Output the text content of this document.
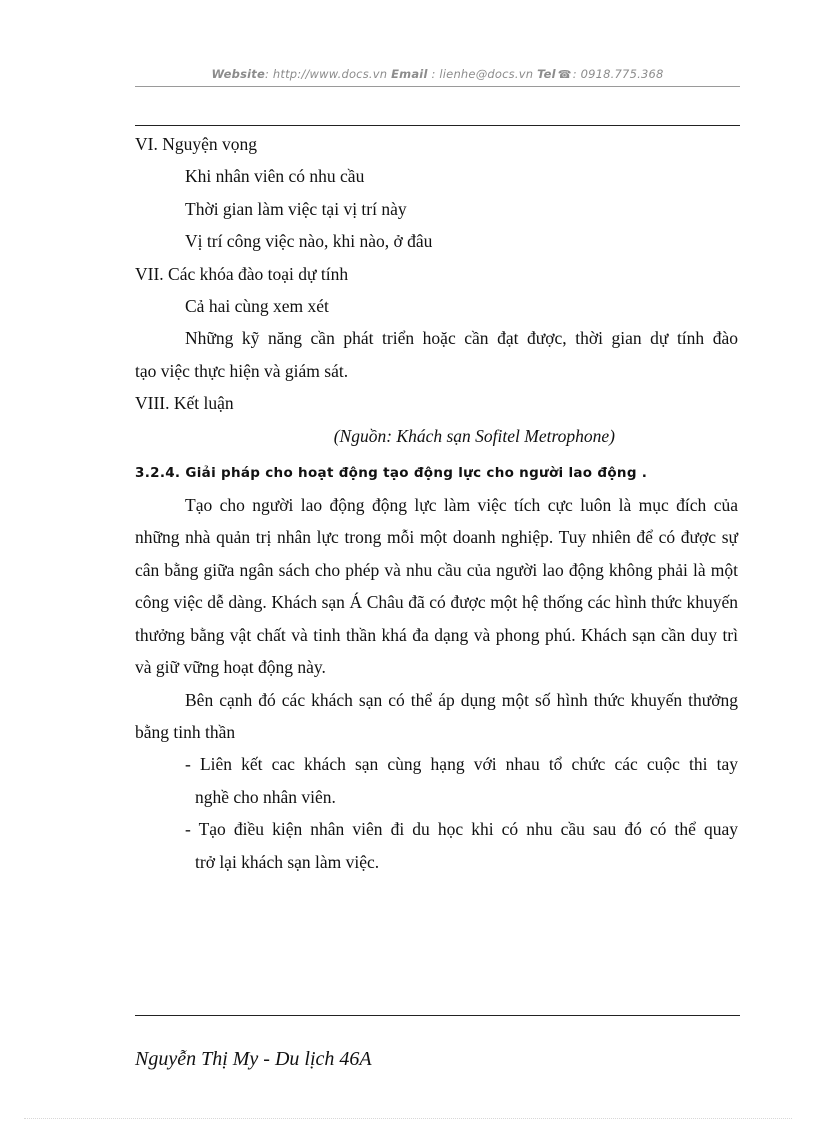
Website: http://www.docs.vn Email : lienhe@docs.vn Tel ☎: 0918.775.368
VI. Nguyện vọng
Khi nhân viên có nhu cầu
Thời gian làm việc tại vị trí này
Vị trí công việc nào, khi nào, ở đâu
VII. Các khóa đào toại dự tính
Cả hai cùng xem xét
Những kỹ năng cần phát triển hoặc cần đạt được, thời gian dự tính đào
tạo việc thực hiện và giám sát.
VIII. Kết luận
(Nguồn: Khách sạn Sofitel Metrophone)
3.2.4. Giải pháp cho hoạt động tạo động lực cho người lao động .
Tạo cho người lao động động lực làm việc tích cực luôn là mục đích của những nhà quản trị nhân lực trong mỗi một doanh nghiệp. Tuy nhiên để có được sự cân bằng giữa ngân sách cho phép và nhu cầu của người lao động không phải là một công việc dễ dàng. Khách sạn Á Châu đã có được một hệ thống các hình thức khuyến thưởng bằng vật chất và tinh thần khá đa dạng và phong phú. Khách sạn cần duy trì và giữ vững hoạt động này.
Bên cạnh đó các khách sạn có thể áp dụng một số hình thức khuyến thưởng bằng tinh thần
- Liên kết cac khách sạn cùng hạng với nhau tổ chức các cuộc thi tay
nghề cho nhân viên.
- Tạo điều kiện nhân viên đi du học khi có nhu cầu sau đó có thể quay
trở lại khách sạn làm việc.
Nguyễn Thị My - Du lịch 46A
